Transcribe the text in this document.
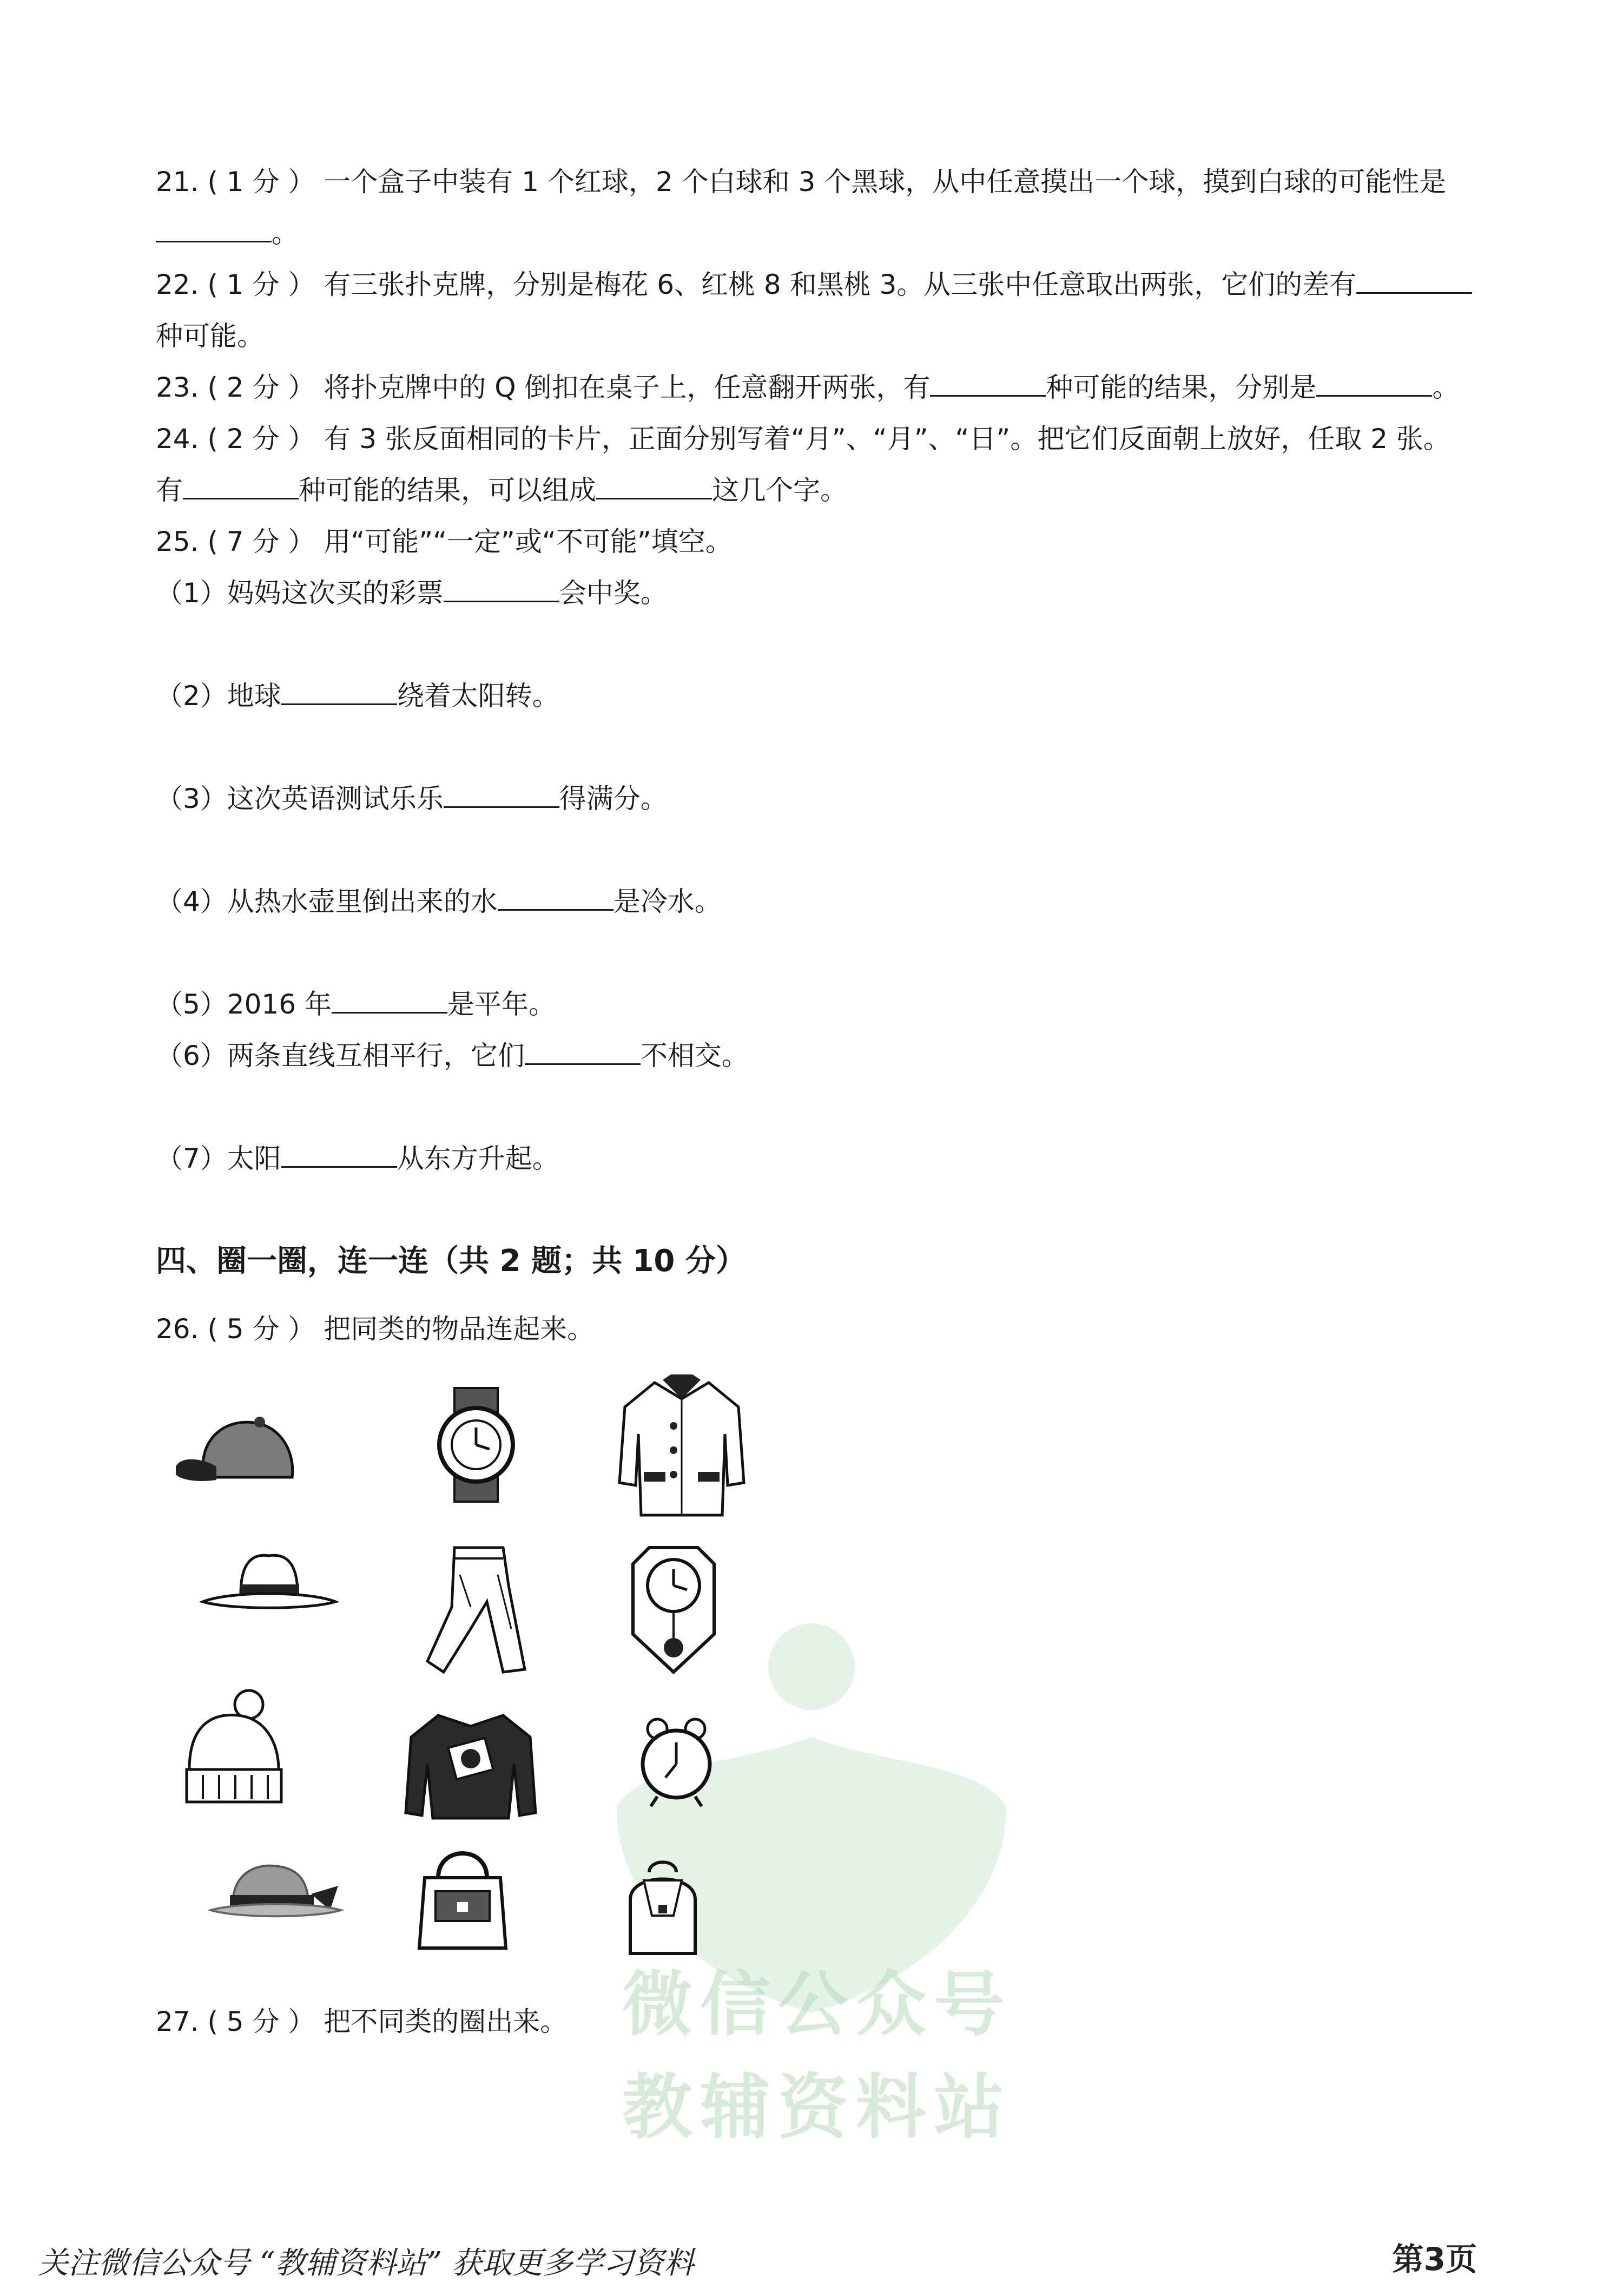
微信公众号
教辅资料站
21. ( 1 分 ） 一个盒子中装有 1 个红球，2 个白球和 3 个黑球，从中任意摸出一个球，摸到白球的可能性是
。
22. ( 1 分 ） 有三张扑克牌，分别是梅花 6、红桃 8 和黑桃 3。从三张中任意取出两张，它们的差有
种可能。
23. ( 2 分 ） 将扑克牌中的 Q 倒扣在桌子上，任意翻开两张，有	种可能的结果，分别是	。
24. ( 2 分 ） 有 3 张反面相同的卡片，正面分别写着“月”、“月”、“日”。把它们反面朝上放好，任取 2 张。
有	种可能的结果，可以组成	这几个字。
25. ( 7 分 ） 用“可能”“一定”或“不可能”填空。
（1）妈妈这次买的彩票	会中奖。
（2）地球	绕着太阳转。
（3）这次英语测试乐乐	得满分。
（4）从热水壶里倒出来的水	是冷水。
（5）2016 年	是平年。
（6）两条直线互相平行，它们	不相交。
（7）太阳	从东方升起。
四、圈一圈，连一连（共 2 题；共 10 分）
26. ( 5 分 ） 把同类的物品连起来。
27. ( 5 分 ） 把不同类的圈出来。
关注微信公众号 “教辅资料站” 获取更多学习资料	第3页
